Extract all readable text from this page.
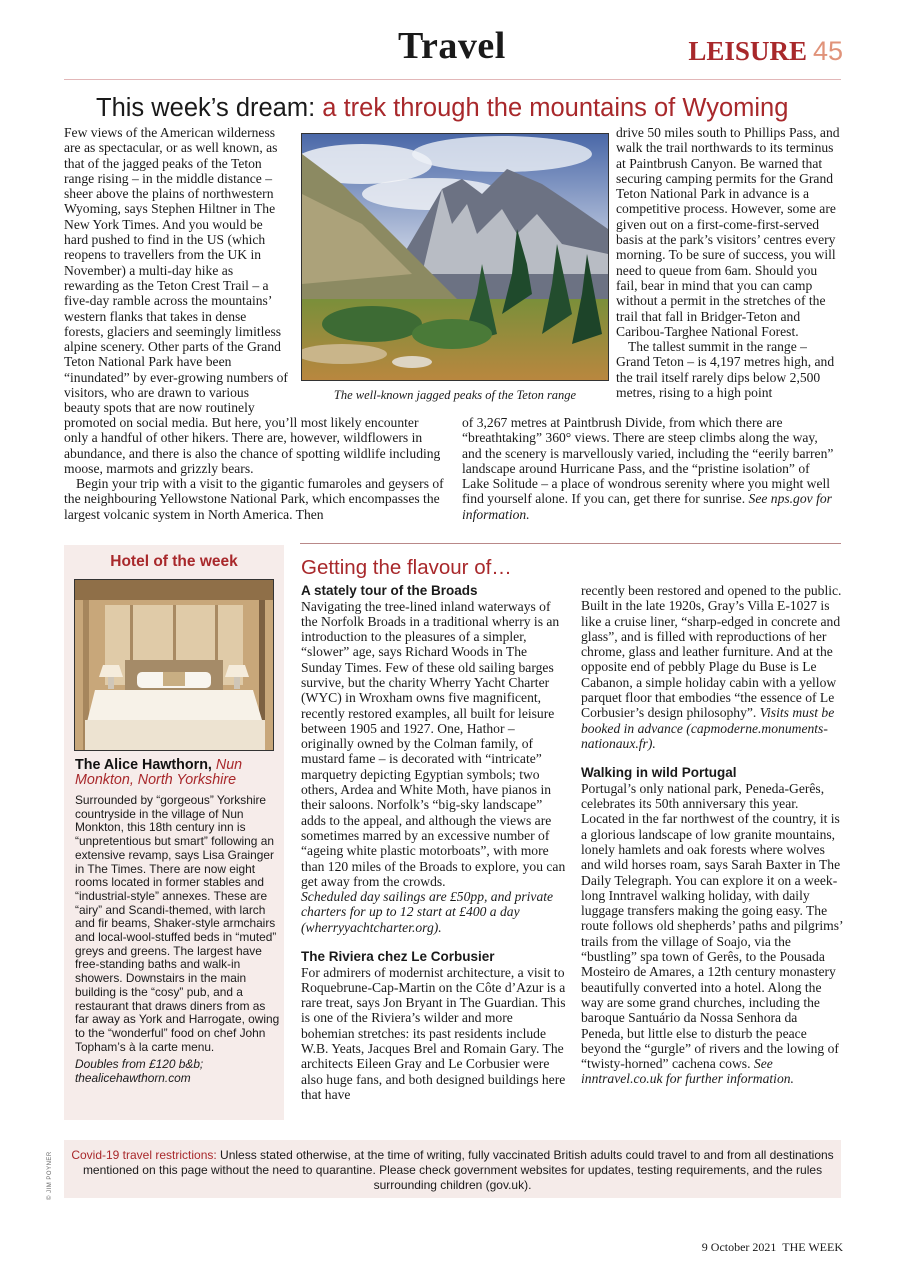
Travel	LEISURE 45
This week’s dream: a trek through the mountains of Wyoming

Few views of the American wilderness are as spectacular, or as well known, as that of the jagged peaks of the Teton range rising – in the middle distance – sheer above the plains of northwestern Wyoming, says Stephen Hiltner in The New York Times. And you would be hard pushed to find in the US (which reopens to travellers from the UK in November) a multi-day hike as rewarding as the Teton Crest Trail – a five-day ramble across the mountains’ western flanks that takes in dense forests, glaciers and seemingly limitless alpine scenery. Other parts of the Grand Teton National Park have been “inundated” by ever-growing numbers of visitors, who are drawn to various beauty spots that are now routinely

The well-known jagged peaks of the Teton range

drive 50 miles south to Phillips Pass, and walk the trail northwards to its terminus at Paintbrush Canyon. Be warned that securing camping permits for the Grand Teton National Park in advance is a competitive process. However, some are given out on a first-come-first-served basis at the park’s visitors’ centres every morning. To be sure of success, you will need to queue from 6am. Should you fail, bear in mind that you can camp without a permit in the stretches of the trail that fall in Bridger-Teton and Caribou-Targhee National Forest.

The tallest summit in the range – Grand Teton – is 4,197 metres high, and the trail itself rarely dips below 2,500 metres, rising to a high point

promoted on social media. But here, you’ll most likely encounter only a handful of other hikers. There are, however, wildflowers in abundance, and there is also the chance of spotting wildlife including moose, marmots and grizzly bears.

Begin your trip with a visit to the gigantic fumaroles and geysers of the neighbouring Yellowstone National Park, which encompasses the largest volcanic system in North America. Then

of 3,267 metres at Paintbrush Divide, from which there are “breathtaking” 360° views. There are steep climbs along the way, and the scenery is marvellously varied, including the “eerily barren” landscape around Hurricane Pass, and the “pristine isolation” of Lake Solitude – a place of wondrous serenity where you might well find yourself alone. If you can, get there for sunrise. See nps.gov for information.

Hotel of the week
The Alice Hawthorn, Nun Monkton, North Yorkshire

Surrounded by “gorgeous” Yorkshire countryside in the village of Nun Monkton, this 18th century inn is “unpretentious but smart” following an extensive revamp, says Lisa Grainger in The Times. There are now eight rooms located in former stables and “industrial-style” annexes. These are “airy” and Scandi-themed, with larch and fir beams, Shaker-style armchairs and local-wool-stuffed beds in “muted” greys and greens. The largest have free-standing baths and walk-in showers. Downstairs in the main building is the “cosy” pub, and a restaurant that draws diners from as far away as York and Harrogate, owing to the “wonderful” food on chef John Topham’s à la carte menu.

Doubles from £120 b&b; thealicehawthorn.com

Getting the flavour of…
A stately tour of the Broads

Navigating the tree-lined inland waterways of the Norfolk Broads in a traditional wherry is an introduction to the pleasures of a simpler, “slower” age, says Richard Woods in The Sunday Times. Few of these old sailing barges survive, but the charity Wherry Yacht Charter (WYC) in Wroxham owns five magnificent, recently restored examples, all built for leisure between 1905 and 1927. One, Hathor – originally owned by the Colman family, of mustard fame – is decorated with “intricate” marquetry depicting Egyptian symbols; two others, Ardea and White Moth, have pianos in their saloons. Norfolk’s “big-sky landscape” adds to the appeal, and although the views are sometimes marred by an excessive number of “ageing white plastic motorboats”, with more than 120 miles of the Broads to explore, you can get away from the crowds.

Scheduled day sailings are £50pp, and private charters for up to 12 start at £400 a day (wherryyachtcharter.org).

The Riviera chez Le Corbusier

For admirers of modernist architecture, a visit to Roquebrune-Cap-Martin on the Côte d’Azur is a rare treat, says Jon Bryant in The Guardian. This is one of the Riviera’s wilder and more bohemian stretches: its past residents include W.B. Yeats, Jacques Brel and Romain Gary. The architects Eileen Gray and Le Corbusier were also huge fans, and both designed buildings here that have

recently been restored and opened to the public. Built in the late 1920s, Gray’s Villa E-1027 is like a cruise liner, “sharp-edged in concrete and glass”, and is filled with reproductions of her chrome, glass and leather furniture. And at the opposite end of pebbly Plage du Buse is Le Cabanon, a simple holiday cabin with a yellow parquet floor that embodies “the essence of Le Corbusier’s design philosophy”. Visits must be booked in advance (capmoderne.monuments-nationaux.fr).

Walking in wild Portugal

Portugal’s only national park, Peneda-Gerês, celebrates its 50th anniversary this year. Located in the far northwest of the country, it is a glorious landscape of low granite mountains, lonely hamlets and oak forests where wolves and wild horses roam, says Sarah Baxter in The Daily Telegraph. You can explore it on a week-long Inntravel walking holiday, with daily luggage transfers making the going easy. The route follows old shepherds’ paths and pilgrims’ trails from the village of Soajo, via the “bustling” spa town of Gerês, to the Pousada Mosteiro de Amares, a 12th century monastery beautifully converted into a hotel. Along the way are some grand churches, including the baroque Santuário da Nossa Senhora da Peneda, but little else to disturb the peace beyond the “gurgle” of rivers and the lowing of “twisty-horned” cachena cows. See inntravel.co.uk for further information.

Covid-19 travel restrictions: Unless stated otherwise, at the time of writing, fully vaccinated British adults could travel to and from all destinations mentioned on this page without the need to quarantine. Please check government websites for updates, testing requirements, and the rules surrounding children (gov.uk).
© JIM POYNER
9 October 2021 THE WEEK
